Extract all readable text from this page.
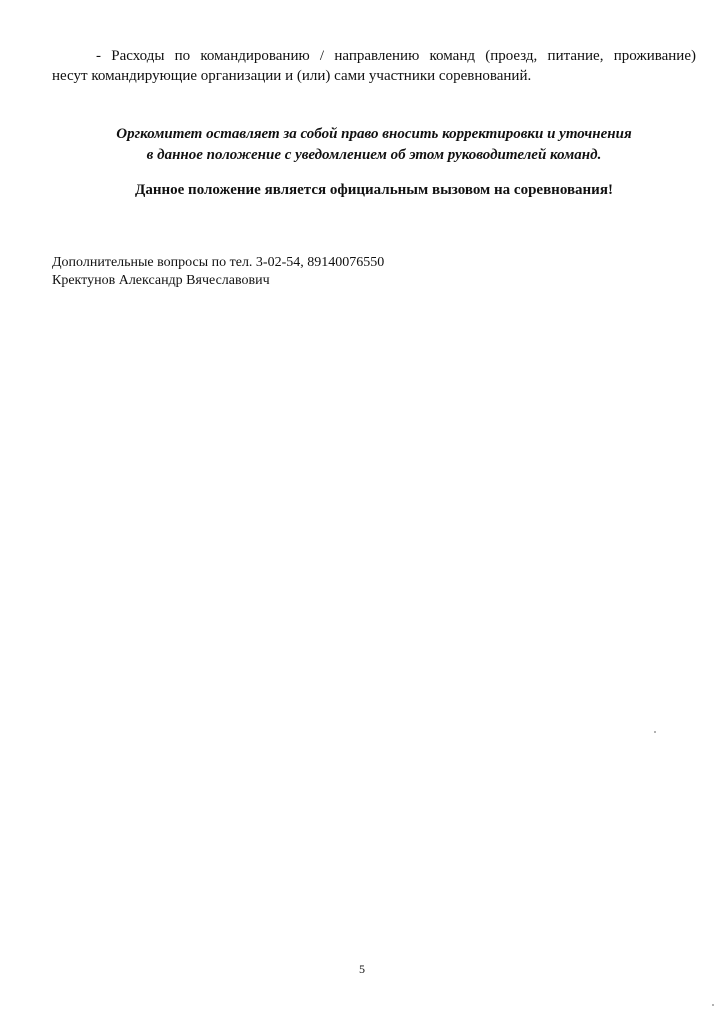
- Расходы по командированию / направлению команд (проезд, питание, проживание)
несут командирующие организации и (или) сами участники соревнований.
Оргкомитет оставляет за собой право вносить корректировки и уточнения
в данное положение с уведомлением об этом руководителей команд.
Данное положение является официальным вызовом на соревнования!
Дополнительные вопросы по тел. 3-02-54, 89140076550
Кректунов Александр Вячеславович
5
